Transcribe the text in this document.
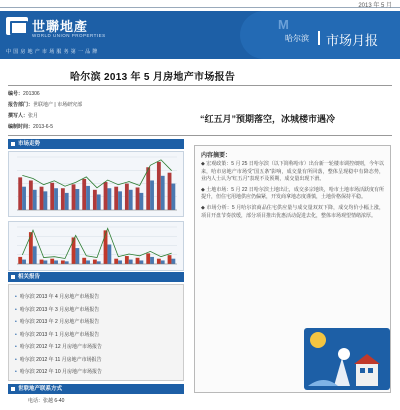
2013 年 5 月
世聯地產
WORLD UNION PROPERTIES
中国房地产市场服务第一品牌
M
哈尔滨 市场月报
哈尔滨 2013 年 5 月房地产市场报告
编号：201306
报告部门：世联地产 | 市场研究部
撰写人：张月
编制时间：2013-6-5
“红五月”预期落空，冰城楼市遇冷
市场走势
相关报告
• 哈尔滨 2013 年 4 月房地产市场报告
• 哈尔滨 2013 年 3 月房地产市场报告
• 哈尔滨 2013 年 2 月房地产市场报告
• 哈尔滨 2013 年 1 月房地产市场报告
• 哈尔滨 2012 年 12 月房地产市场报告
• 哈尔滨 2012 年 11 月房地产市场报告
• 哈尔滨 2012 年 10 月房地产市场报告
世联地产联系方式
电话：张越 6-40
内容摘要：

◆ 宏观政策：5 月 25 日哈尔滨（以下简称哈市）出台新一轮楼市调控细则，今年以来，哈市房地产市场受“国五条”影响，成交量有所回落，整体呈现稳中有降态势，业内人士认为“红五月”表现不及预期，成交量出现下滑。

◆ 土地市场：5 月 22 日哈尔滨土地出让，成交多宗地块，哈市土地市场活跃度有所提升，但住宅用地供应仍偏紧，开发商拿地态度谨慎，土地价格保持平稳。

◆ 市场分析：5 月哈尔滨商品住宅供应量与成交量双双下降，成交均价小幅上涨，项目开盘节奏放缓，部分项目推出优惠活动促进去化，整体市场观望情绪浓厚。
